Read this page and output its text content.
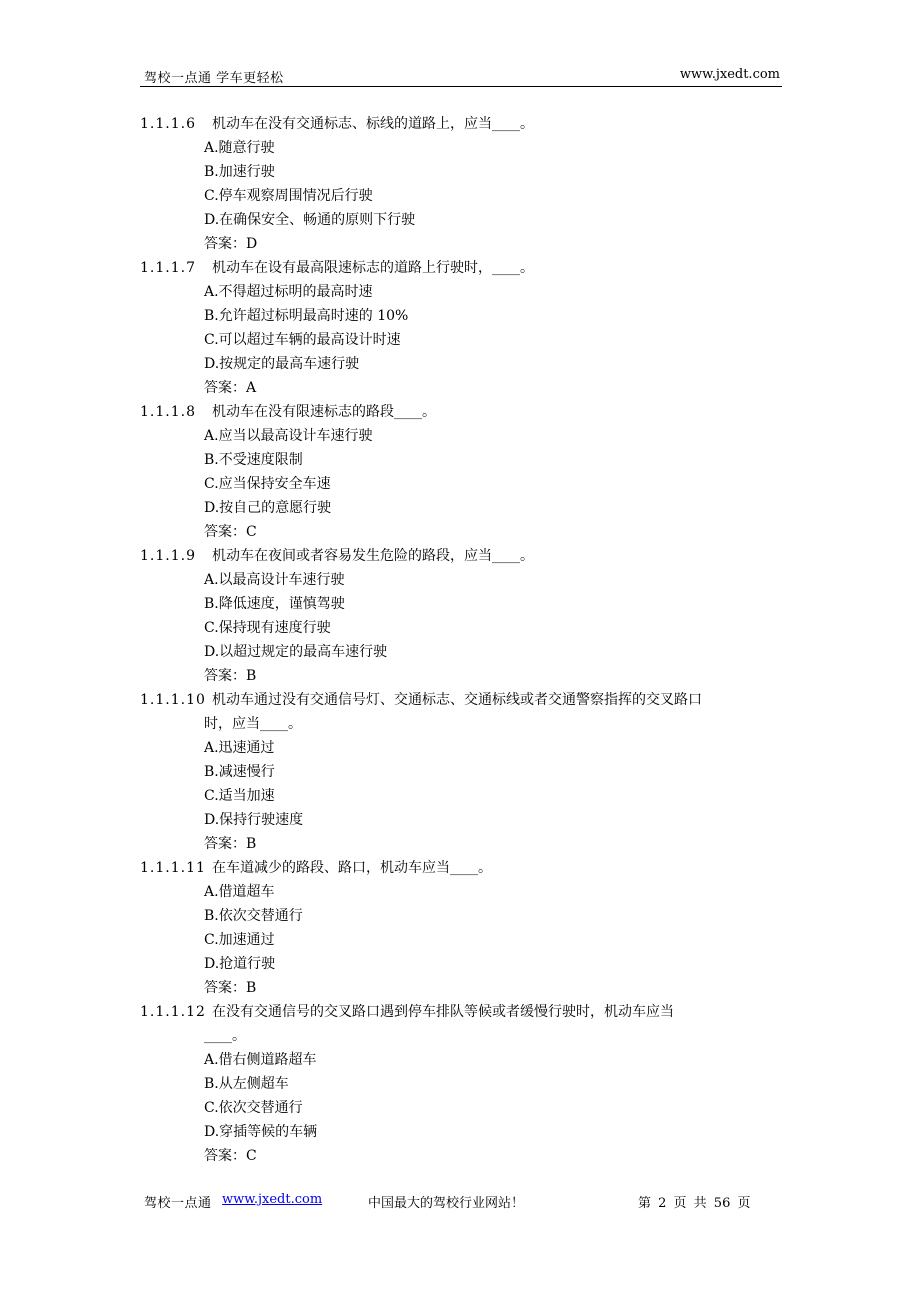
驾校一点通 学车更轻松	www.jxedt.com
1.1.1.6	机动车在没有交通标志、标线的道路上，应当____。
A.随意行驶
B.加速行驶
C.停车观察周围情况后行驶
D.在确保安全、畅通的原则下行驶
答案：D
1.1.1.7	机动车在设有最高限速标志的道路上行驶时，____。
A.不得超过标明的最高时速
B.允许超过标明最高时速的 10%
C.可以超过车辆的最高设计时速
D.按规定的最高车速行驶
答案：A
1.1.1.8	机动车在没有限速标志的路段____。
A.应当以最高设计车速行驶
B.不受速度限制
C.应当保持安全车速
D.按自己的意愿行驶
答案：C
1.1.1.9	机动车在夜间或者容易发生危险的路段，应当____。
A.以最高设计车速行驶
B.降低速度，谨慎驾驶
C.保持现有速度行驶
D.以超过规定的最高车速行驶
答案：B
1.1.1.10 机动车通过没有交通信号灯、交通标志、交通标线或者交通警察指挥的交叉路口
时，应当____。
A.迅速通过
B.减速慢行
C.适当加速
D.保持行驶速度
答案：B
1.1.1.11 在车道减少的路段、路口，机动车应当____。
A.借道超车
B.依次交替通行
C.加速通过
D.抢道行驶
答案：B
1.1.1.12 在没有交通信号的交叉路口遇到停车排队等候或者缓慢行驶时，机动车应当
____。
A.借右侧道路超车
B.从左侧超车
C.依次交替通行
D.穿插等候的车辆
答案：C
驾校一点通 www.jxedt.com	中国最大的驾校行业网站！	第 2 页 共 56 页
